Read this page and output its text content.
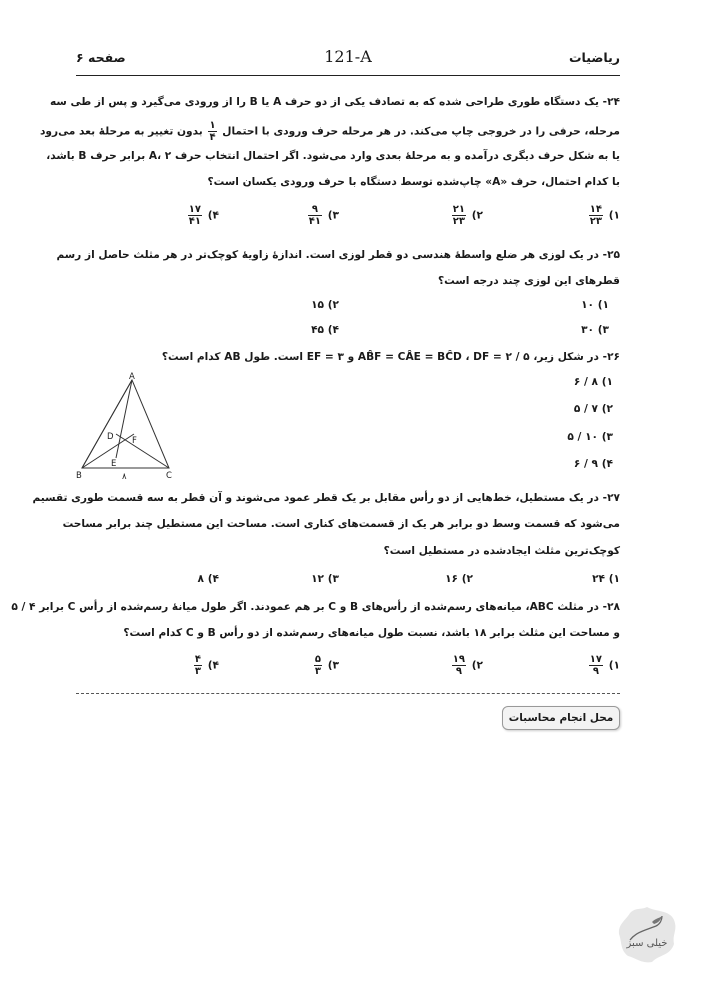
ریاضیات
121-A
صفحه ۶
۲۴- یک دستگاه طوری طراحی شده که به تصادف یکی از دو حرف A یا B را از ورودی می‌گیرد و پس از طی سه
مرحله، حرفی را در خروجی چاپ می‌کند. در هر مرحله حرف ورودی با احتمال
$\frac{۱}{۴}$
بدون تغییر به مرحلهٔ بعد می‌رود
یا به شکل حرف دیگری درآمده و به مرحلهٔ بعدی وارد می‌شود. اگر احتمال انتخاب حرف A، ۲ برابر حرف B باشد،
با کدام احتمال، حرف «A» چاپ‌شده توسط دستگاه با حرف ورودی یکسان است؟
۱)
$\frac{۱۴}{۲۳}$
۲)
$\frac{۲۱}{۲۳}$
۳)
$\frac{۹}{۴۱}$
۴)
$\frac{۱۷}{۴۱}$
۲۵- در یک لوزی هر ضلع واسطهٔ هندسی دو قطر لوزی است. اندازهٔ زاویهٔ کوچک‌تر در هر مثلث حاصل از رسم
قطرهای این لوزی چند درجه است؟
۱) ۱۰
۲) ۱۵
۳) ۳۰
۴) ۴۵
۲۶- در شکل زیر، AB̂F = CÂE = BĈD ، DF = ۲ / ۵ و EF = ۳ است. طول AB کدام است؟
۱) ۸ / ۶
۲) ۷ / ۵
۳) ۱۰ / ۵
۴) ۹ / ۶
A
B	C
D
E
F
۸
۲۷- در یک مستطیل، خط‌هایی از دو رأس مقابل بر یک قطر عمود می‌شوند و آن قطر به سه قسمت طوری تقسیم
می‌شود که قسمت وسط دو برابر هر یک از قسمت‌های کناری است. مساحت این مستطیل چند برابر مساحت
کوچک‌ترین مثلث ایجادشده در مستطیل است؟
۱) ۲۴
۲) ۱۶
۳) ۱۲
۴) ۸
۲۸- در مثلث ABC، میانه‌های رسم‌شده از رأس‌های B و C بر هم عمودند. اگر طول میانهٔ رسم‌شده از رأس C برابر ۴ / ۵
و مساحت این مثلث برابر ۱۸ باشد، نسبت طول میانه‌های رسم‌شده از دو رأس B و C کدام است؟
۱)
$\frac{۱۷}{۹}$
۲)
$\frac{۱۹}{۹}$
۳)
$\frac{۵}{۳}$
۴)
$\frac{۴}{۳}$
محل انجام محاسبات
خیلی سبز
